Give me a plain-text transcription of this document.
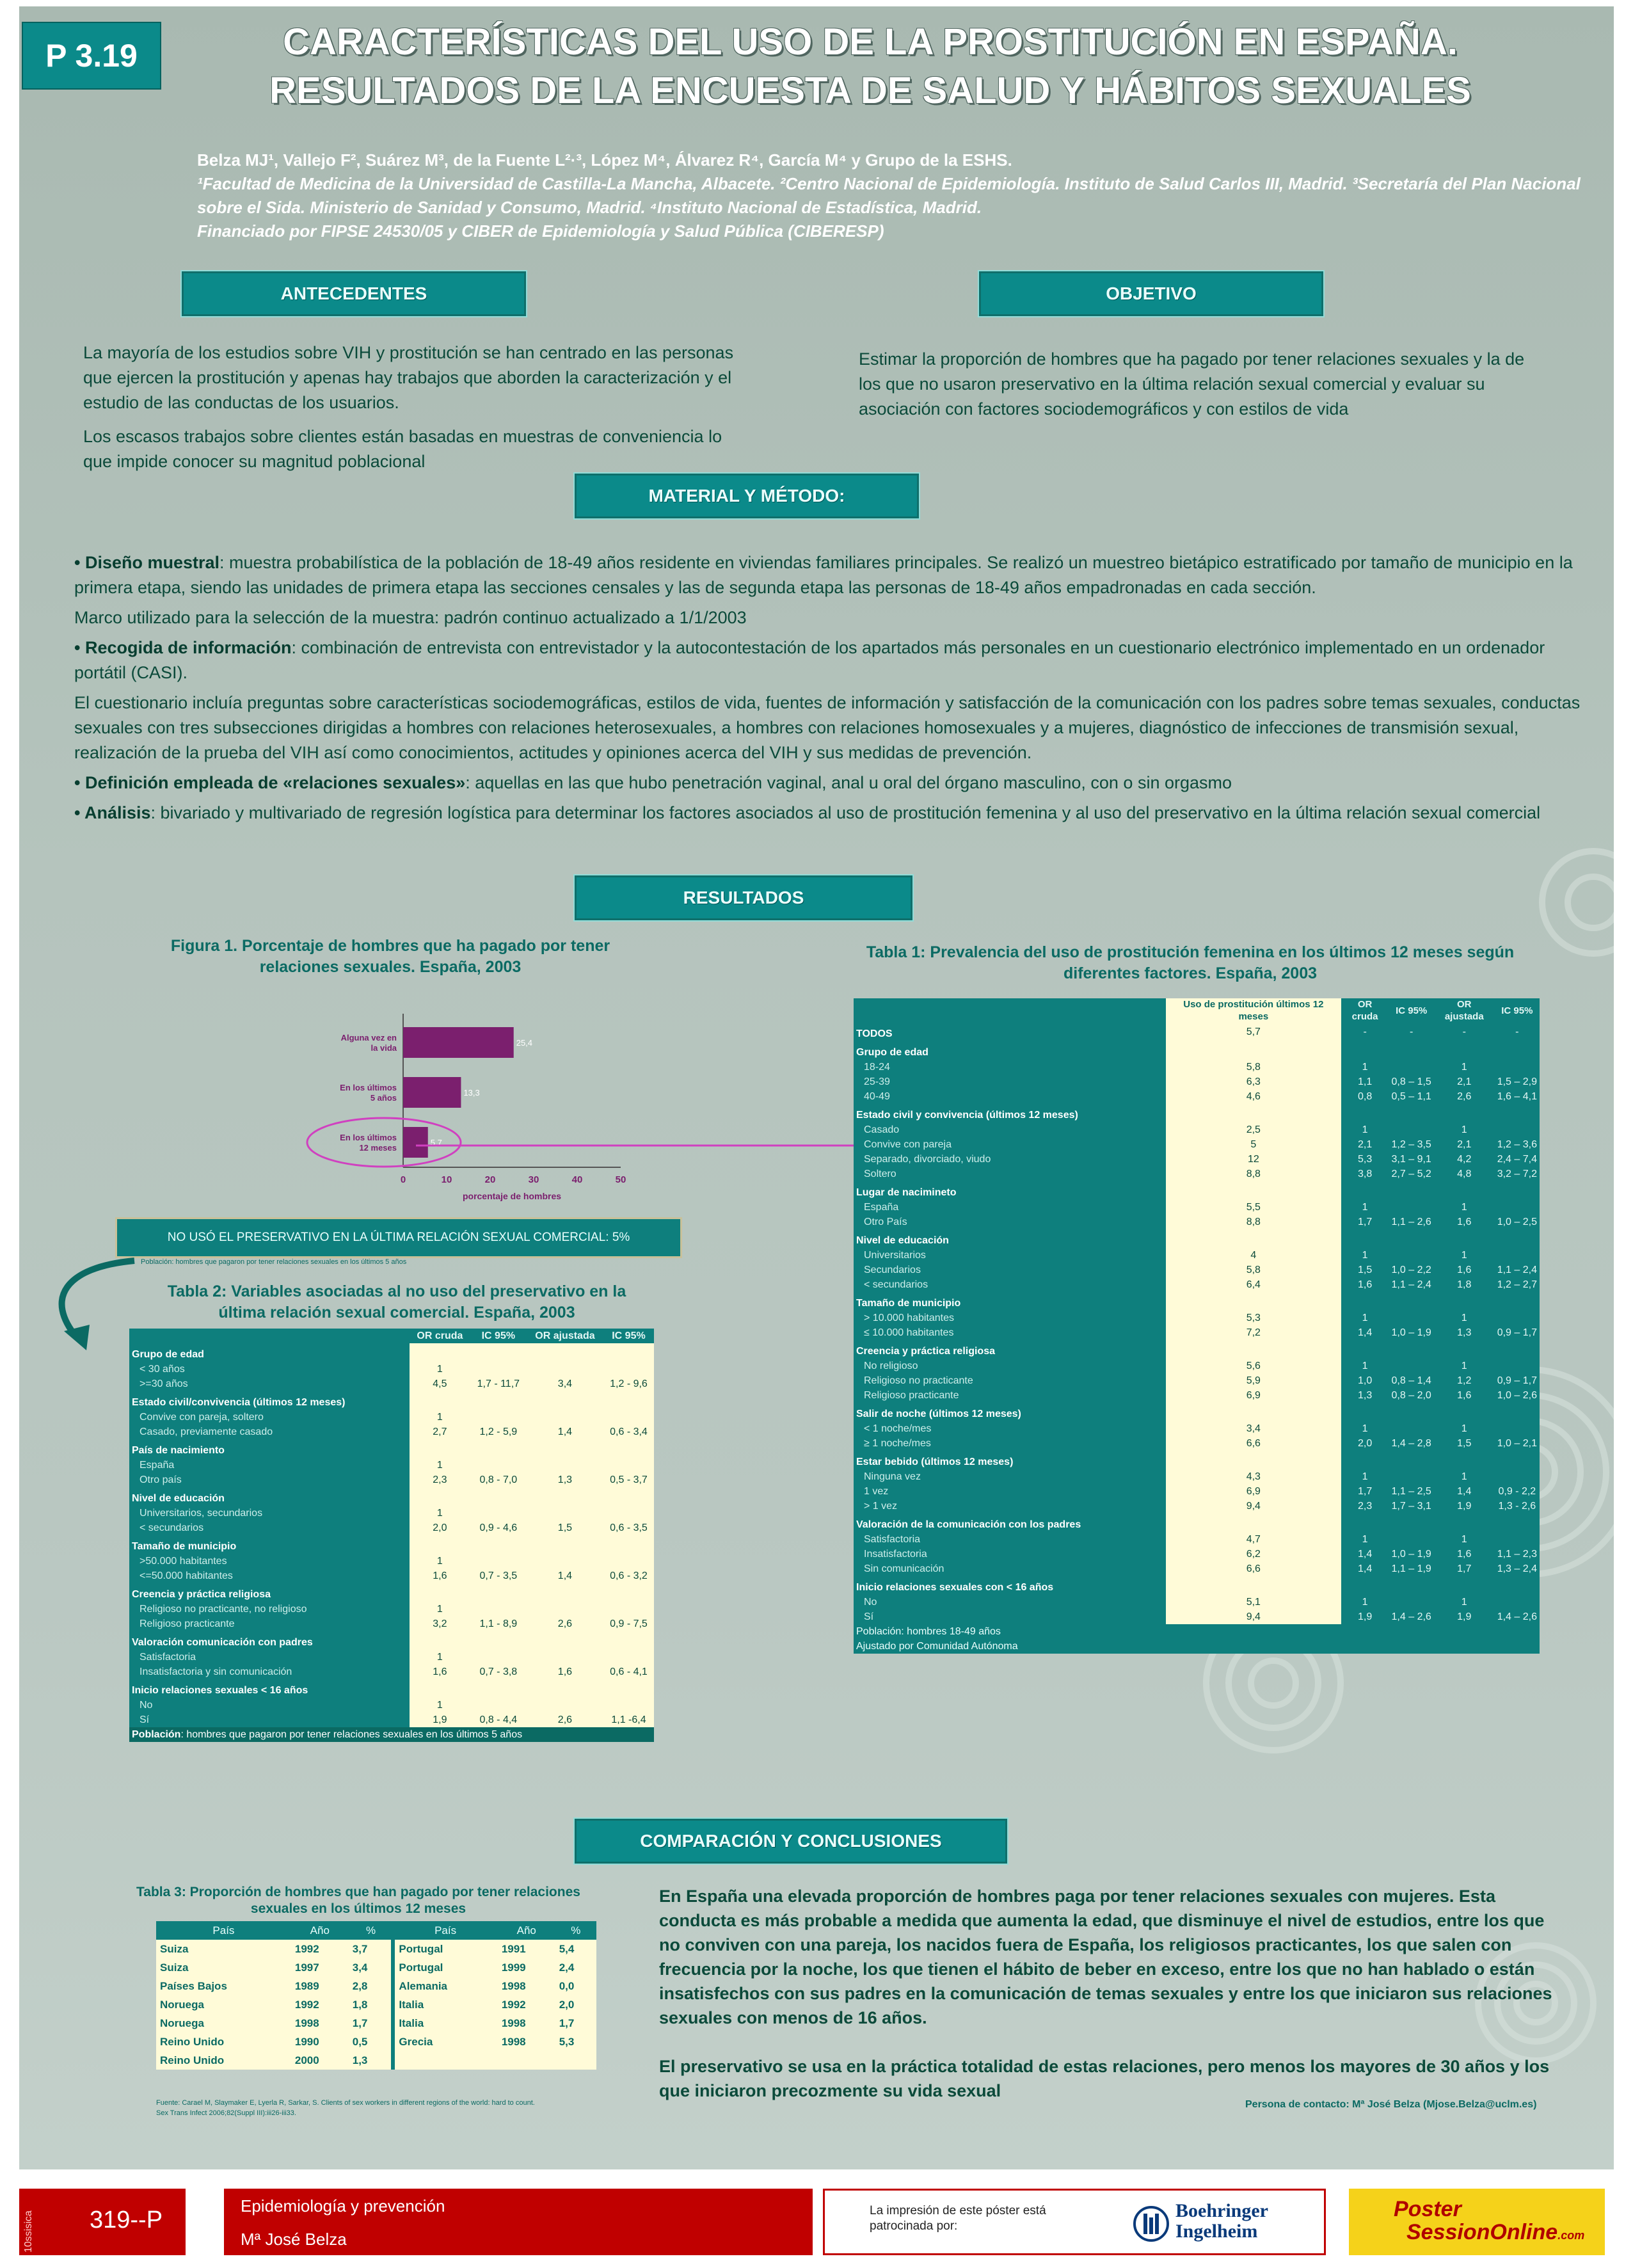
P 3.19	CARACTERÍSTICAS DEL USO DE LA PROSTITUCIÓN EN ESPAÑA.
RESULTADOS DE LA ENCUESTA DE SALUD Y HÁBITOS SEXUALES
Belza MJ¹, Vallejo F², Suárez M³, de la Fuente L²·³, López M⁴, Álvarez R⁴, García M⁴ y Grupo de la ESHS.
¹Facultad de Medicina de la Universidad de Castilla-La Mancha, Albacete. ²Centro Nacional de Epidemiología. Instituto de Salud Carlos III, Madrid. ³Secretaría del Plan Nacional sobre el Sida. Ministerio de Sanidad y Consumo, Madrid. ⁴Instituto Nacional de Estadística, Madrid.
Financiado por FIPSE 24530/05 y CIBER de Epidemiología y Salud Pública (CIBERESP)
ANTECEDENTES	OBJETIVO
MATERIAL Y MÉTODO:
RESULTADOS
COMPARACIÓN Y CONCLUSIONES

La mayoría de los estudios sobre VIH y prostitución se han centrado en las personas que ejercen la prostitución y apenas hay trabajos que aborden la caracterización y el estudio de las conductas de los usuarios.

Los escasos trabajos sobre clientes están basadas en muestras de conveniencia lo que impide conocer su magnitud poblacional

Estimar la proporción de hombres que ha pagado por tener relaciones sexuales y la de los que no usaron preservativo en la última relación sexual comercial y evaluar su asociación con factores sociodemográficos y con estilos de vida

• Diseño muestral: muestra probabilística de la población de 18-49 años residente en viviendas familiares principales. Se realizó un muestreo bietápico estratificado por tamaño de municipio en la primera etapa, siendo las unidades de primera etapa las secciones censales y las de segunda etapa las personas de 18-49 años empadronadas en cada sección.

Marco utilizado para la selección de la muestra: padrón continuo actualizado a 1/1/2003

• Recogida de información: combinación de entrevista con entrevistador y la autocontestación de los apartados más personales en un cuestionario electrónico implementado en un ordenador portátil (CASI).

El cuestionario incluía preguntas sobre características sociodemográficas, estilos de vida, fuentes de información y satisfacción de la comunicación con los padres sobre temas sexuales, conductas sexuales con tres subsecciones dirigidas a hombres con relaciones heterosexuales, a hombres con relaciones homosexuales y a mujeres, diagnóstico de infecciones de transmisión sexual, realización de la prueba del VIH así como conocimientos, actitudes y opiniones acerca del VIH y sus medidas de prevención.

• Definición empleada de «relaciones sexuales»: aquellas en las que hubo penetración vaginal, anal u oral del órgano masculino, con o sin orgasmo

• Análisis: bivariado y multivariado de regresión logística para determinar los factores asociados al uso de prostitución femenina y al uso del preservativo en la última relación sexual comercial

Figura 1. Porcentaje de hombres que ha pagado por tener relaciones sexuales. España, 2003
25,4
Alguna vez en la vida
13,3
En los últimos 5 años
5,7
En los últimos 12 meses
0	10	20	30	40	50
porcentaje de hombres
NO USÓ EL PRESERVATIVO EN LA ÚLTIMA RELACIÓN SEXUAL COMERCIAL: 5%
Población: hombres que pagaron por tener relaciones sexuales en los últimos 5 años
Tabla 2: Variables asociadas al no uso del preservativo en la última relación sexual comercial. España, 2003
	OR cruda	IC 95%	OR ajustada	IC 95%
Grupo de edad				
< 30 años	1			
>=30 años	4,5	1,7 - 11,7	3,4	1,2 - 9,6
Estado civil/convivencia (últimos 12 meses)				
Convive con pareja, soltero	1			
Casado, previamente casado	2,7	1,2 - 5,9	1,4	0,6 - 3,4
País de nacimiento				
España	1			
Otro país	2,3	0,8 - 7,0	1,3	0,5 - 3,7
Nivel de educación				
Universitarios, secundarios	1			
< secundarios	2,0	0,9 - 4,6	1,5	0,6 - 3,5
Tamaño de municipio				
>50.000 habitantes	1			
<=50.000 habitantes	1,6	0,7 - 3,5	1,4	0,6 - 3,2
Creencia y práctica religiosa				
Religioso no practicante, no religioso	1			
Religioso practicante	3,2	1,1 - 8,9	2,6	0,9 - 7,5
Valoración comunicación con padres				
Satisfactoria	1			
Insatisfactoria y sin comunicación	1,6	0,7 - 3,8	1,6	0,6 - 4,1
Inicio relaciones sexuales < 16 años				
No	1			
Sí	1,9	0,8 - 4,4	2,6	1,1 -6,4
Población: hombres que pagaron por tener relaciones sexuales en los últimos 5 años				
Tabla 1: Prevalencia del uso de prostitución femenina en los últimos 12 meses según diferentes factores. España, 2003
	Uso de prostitución últimos 12 meses	OR cruda	IC 95%	OR ajustada	IC 95%
TODOS	5,7	-	-	-	-
Grupo de edad					
18-24	5,8	1		1	
25-39	6,3	1,1	0,8 – 1,5	2,1	1,5 – 2,9
40-49	4,6	0,8	0,5 – 1,1	2,6	1,6 – 4,1
Estado civil y convivencia (últimos 12 meses)					
Casado	2,5	1		1	
Convive con pareja	5	2,1	1,2 – 3,5	2,1	1,2 – 3,6
Separado, divorciado, viudo	12	5,3	3,1 – 9,1	4,2	2,4 – 7,4
Soltero	8,8	3,8	2,7 – 5,2	4,8	3,2 – 7,2
Lugar de nacimineto					
España	5,5	1		1	
Otro País	8,8	1,7	1,1 – 2,6	1,6	1,0 – 2,5
Nivel de educación					
Universitarios	4	1		1	
Secundarios	5,8	1,5	1,0 – 2,2	1,6	1,1 – 2,4
< secundarios	6,4	1,6	1,1 – 2,4	1,8	1,2 – 2,7
Tamaño de municipio					
> 10.000 habitantes	5,3	1		1	
≤ 10.000 habitantes	7,2	1,4	1,0 – 1,9	1,3	0,9 – 1,7
Creencia y práctica religiosa					
No religioso	5,6	1		1	
Religioso no practicante	5,9	1,0	0,8 – 1,4	1,2	0,9 – 1,7
Religioso practicante	6,9	1,3	0,8 – 2,0	1,6	1,0 – 2,6
Salir de noche (últimos 12 meses)					
< 1 noche/mes	3,4	1		1	
≥ 1 noche/mes	6,6	2,0	1,4 – 2,8	1,5	1,0 – 2,1
Estar bebido (últimos 12 meses)					
Ninguna vez	4,3	1		1	
1 vez	6,9	1,7	1,1 – 2,5	1,4	0,9 - 2,2
> 1 vez	9,4	2,3	1,7 – 3,1	1,9	1,3 - 2,6
Valoración de la comunicación con los padres					
Satisfactoria	4,7	1		1	
Insatisfactoria	6,2	1,4	1,0 – 1,9	1,6	1,1 – 2,3
Sin comunicación	6,6	1,4	1,1 – 1,9	1,7	1,3 – 2,4
Inicio relaciones sexuales con < 16 años					
No	5,1	1		1	
Sí	9,4	1,9	1,4 – 2,6	1,9	1,4 – 2,6
Población: hombres 18-49 años					
Ajustado por Comunidad Autónoma					
Tabla 3: Proporción de hombres que han pagado por tener relaciones sexuales en los últimos 12 meses
País	Año	%	País	Año	%
Suiza	1992	3,7	Portugal	1991	5,4
Suiza	1997	3,4	Portugal	1999	2,4
Países Bajos	1989	2,8	Alemania	1998	0,0
Noruega	1992	1,8	Italia	1992	2,0
Noruega	1998	1,7	Italia	1998	1,7
Reino Unido	1990	0,5	Grecia	1998	5,3
Reino Unido	2000	1,3			
Fuente: Carael M, Slaymaker E, Lyerla R, Sarkar, S. Clients of sex workers in different regions of the world: hard to count. Sex Trans Infect 2006;82(Suppl III):iii26-iii33.

En España una elevada proporción de hombres paga por tener relaciones sexuales con mujeres. Esta conducta es más probable a medida que aumenta la edad, que disminuye el nivel de estudios, entre los que no conviven con una pareja, los nacidos fuera de España, los religiosos practicantes, los que salen con frecuencia por la noche, los que tienen el hábito de beber en exceso, entre los que no han hablado o están insatisfechos con sus padres en la comunicación de temas sexuales y entre los que iniciaron sus relaciones sexuales con menos de 16 años.

El preservativo se usa en la práctica totalidad de estas relaciones, pero menos los mayores de 30 años y los que iniciaron precozmente su vida sexual

Persona de contacto: Mª José Belza (Mjose.Belza@uclm.es)
10ssisica 319--P
Epidemiología y prevención
Mª José Belza
La impresión de este póster está patrocinada por:
Boehringer
Ingelheim
Poster
SessionOnline.com
